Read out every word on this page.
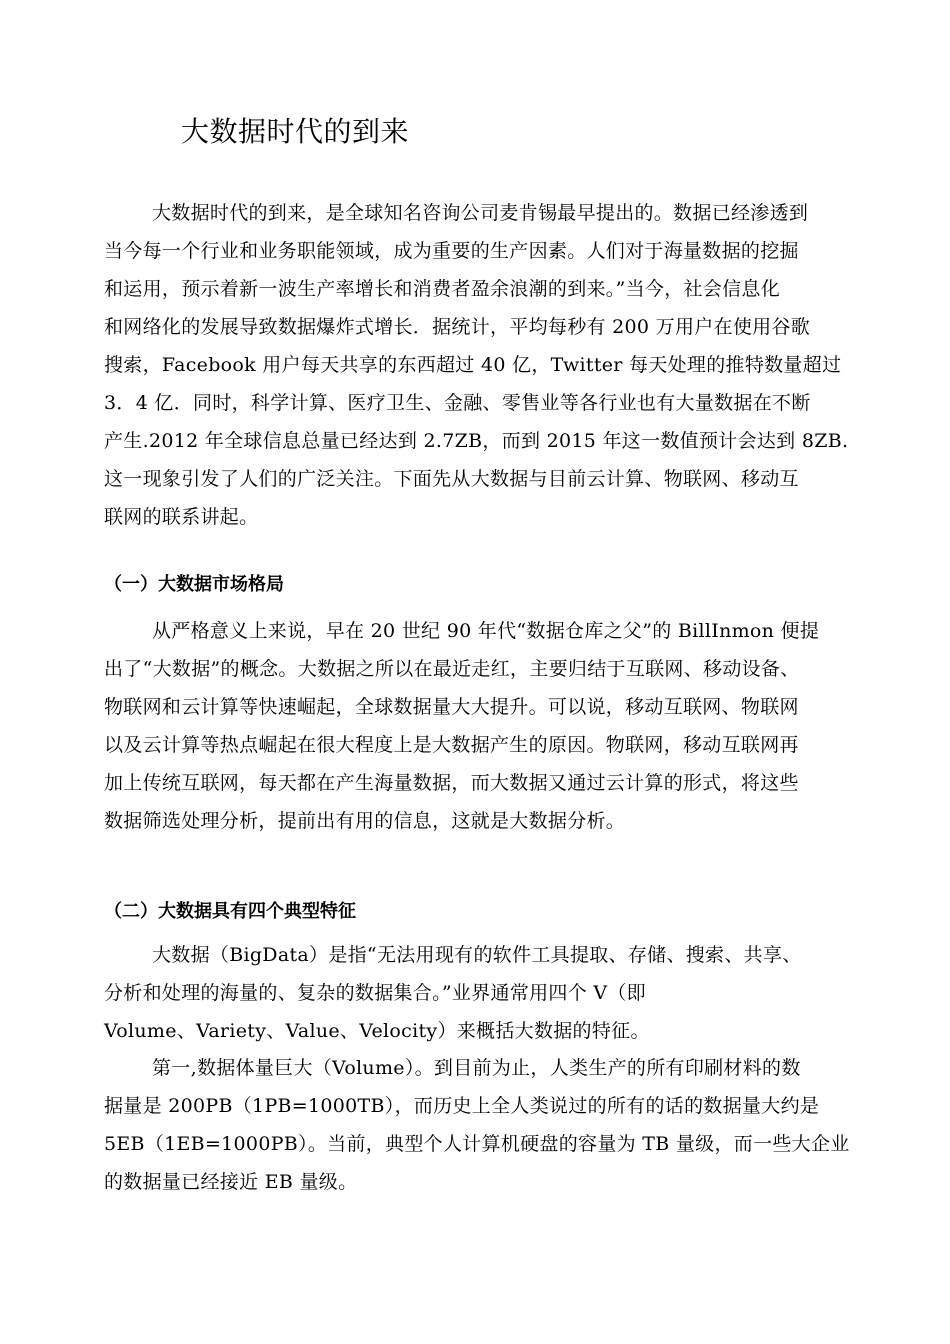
大数据时代的到来

大数据时代的到来，是全球知名咨询公司麦肯锡最早提出的。数据已经渗透到
当今每一个行业和业务职能领域，成为重要的生产因素。人们对于海量数据的挖掘
和运用，预示着新一波生产率增长和消费者盈余浪潮的到来。”当今，社会信息化
和网络化的发展导致数据爆炸式增长．据统计，平均每秒有 200 万用户在使用谷歌
搜索，Facebook 用户每天共享的东西超过 40 亿，Twitter 每天处理的推特数量超过
3．4 亿．同时，科学计算、医疗卫生、金融、零售业等各行业也有大量数据在不断
产生.2012 年全球信息总量已经达到 2.7ZB，而到 2015 年这一数值预计会达到 8ZB.
这一现象引发了人们的广泛关注。下面先从大数据与目前云计算、物联网、移动互
联网的联系讲起。

（一）大数据市场格局

从严格意义上来说，早在 20 世纪 90 年代“数据仓库之父”的 BillInmon 便提
出了“大数据”的概念。大数据之所以在最近走红，主要归结于互联网、移动设备、
物联网和云计算等快速崛起，全球数据量大大提升。可以说，移动互联网、物联网
以及云计算等热点崛起在很大程度上是大数据产生的原因。物联网，移动互联网再
加上传统互联网，每天都在产生海量数据，而大数据又通过云计算的形式，将这些
数据筛选处理分析，提前出有用的信息，这就是大数据分析。

（二）大数据具有四个典型特征

大数据（BigData）是指“无法用现有的软件工具提取、存储、搜索、共享、
分析和处理的海量的、复杂的数据集合。”业界通常用四个 V（即
Volume、Variety、Value、Velocity）来概括大数据的特征。

第一,数据体量巨大（Volume）。到目前为止，人类生产的所有印刷材料的数
据量是 200PB（1PB=1000TB），而历史上全人类说过的所有的话的数据量大约是
5EB（1EB=1000PB）。当前，典型个人计算机硬盘的容量为 TB 量级，而一些大企业
的数据量已经接近 EB 量级。
